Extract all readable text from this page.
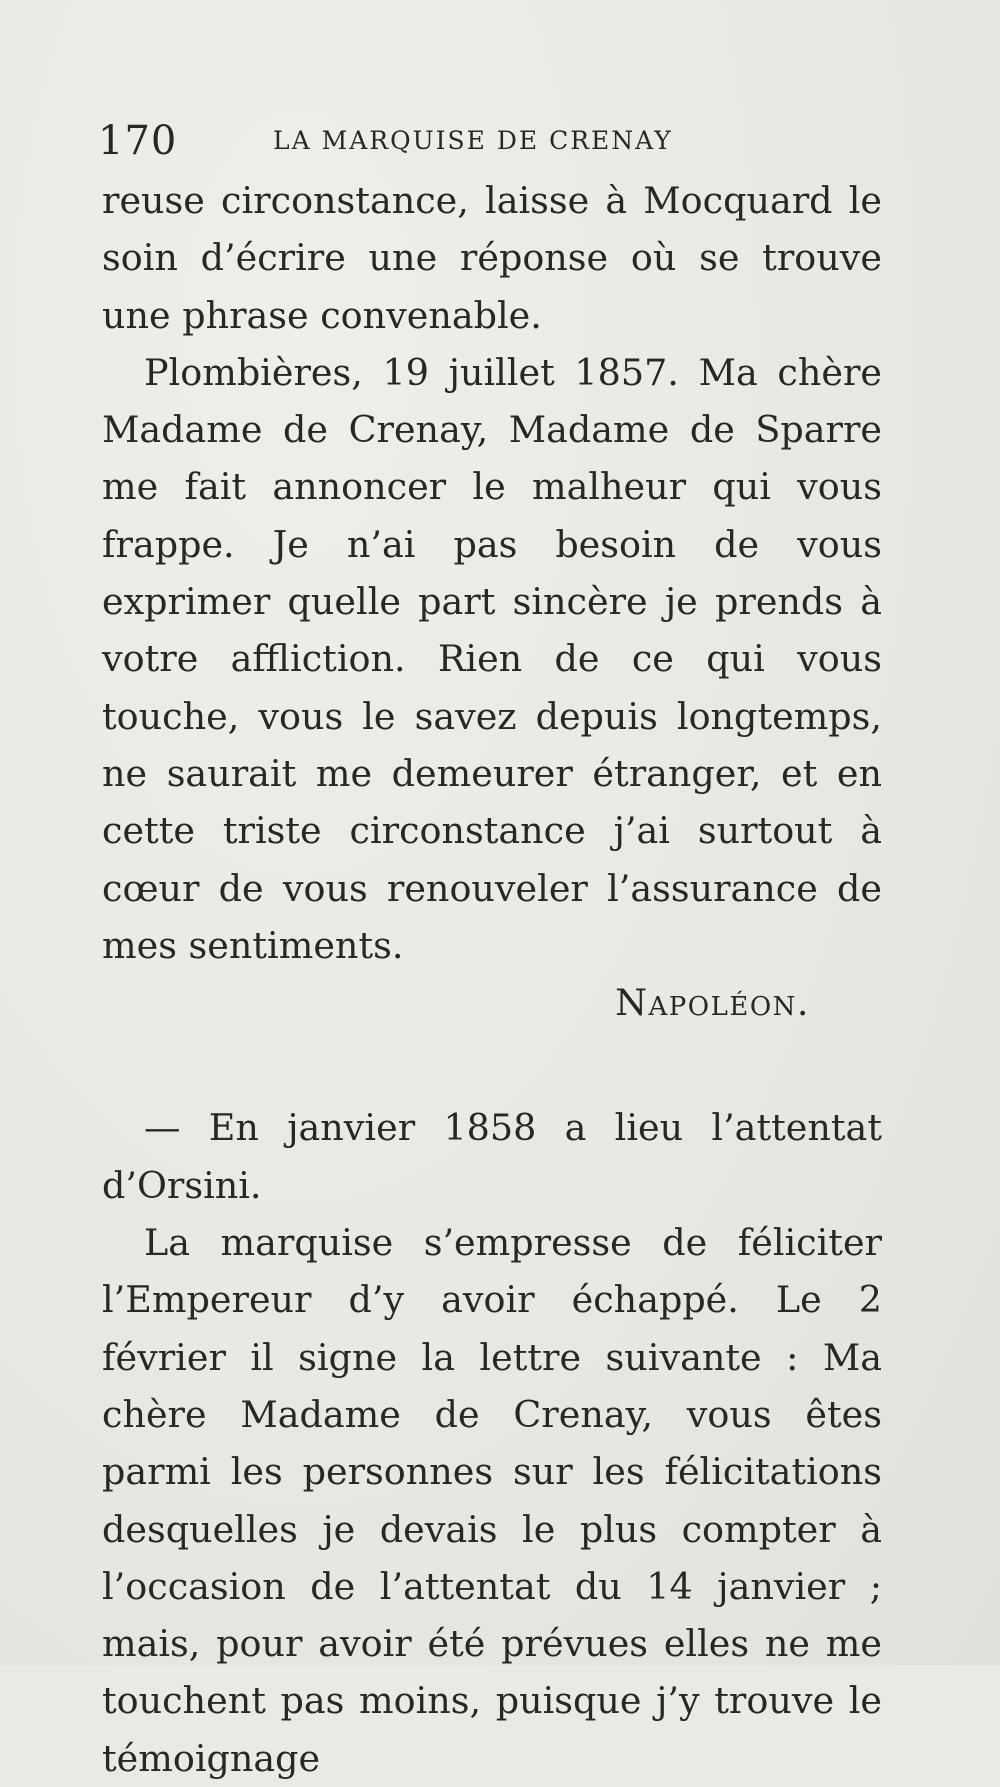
170	LA MARQUISE DE CRENAY

reuse circonstance, laisse à Mocquard le soin d’écrire une réponse où se trouve une phrase convenable.

Plombières, 19 juillet 1857. Ma chère Madame de Crenay, Madame de Sparre me fait annoncer le malheur qui vous frappe. Je n’ai pas besoin de vous exprimer quelle part sincère je prends à votre affliction. Rien de ce qui vous touche, vous le savez depuis longtemps, ne saurait me demeurer étranger, et en cette triste circonstance j’ai surtout à cœur de vous renouveler l’assurance de mes sentiments.

Napoléon.

— En janvier 1858 a lieu l’attentat d’Orsini.

La marquise s’empresse de féliciter l’Empereur d’y avoir échappé. Le 2 février il signe la lettre suivante : Ma chère Madame de Crenay, vous êtes parmi les personnes sur les félicitations desquelles je devais le plus compter à l’occasion de l’attentat du 14 janvier ; mais, pour avoir été prévues elles ne me touchent pas moins, puisque j’y trouve le témoignage
